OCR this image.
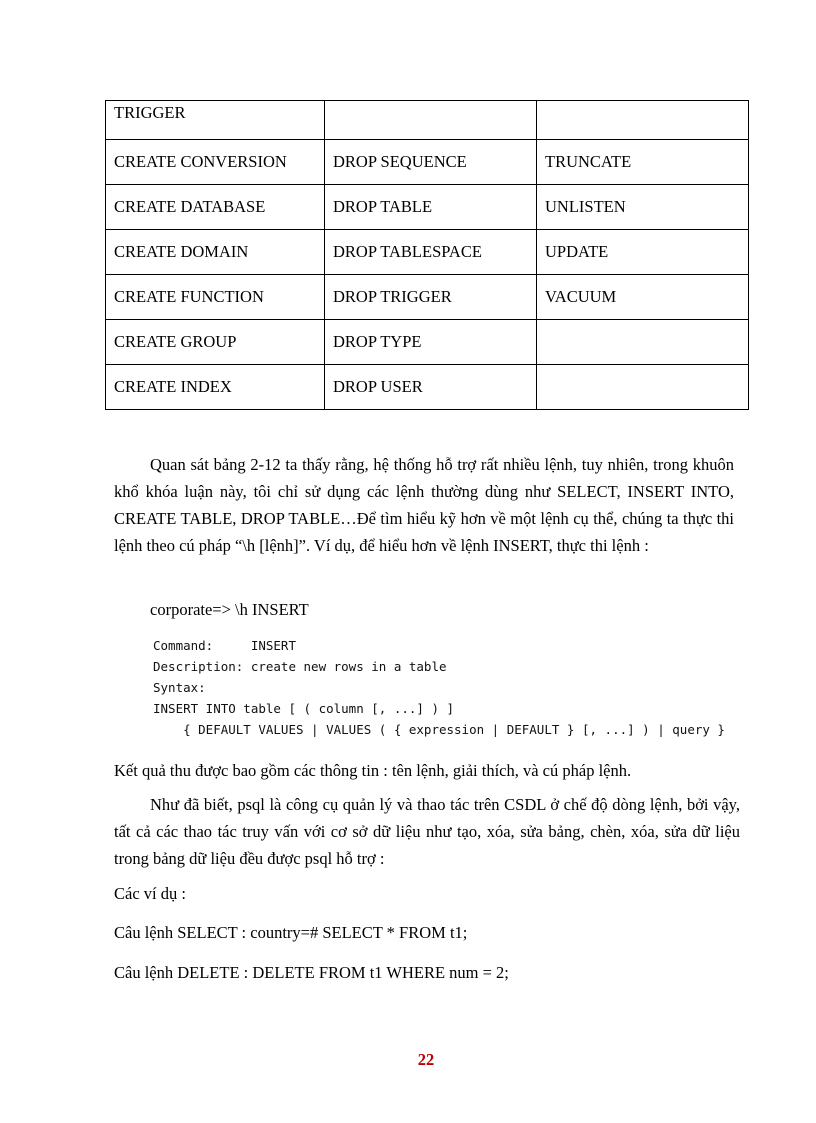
TRIGGER		
CREATE CONVERSION	DROP SEQUENCE	TRUNCATE
CREATE DATABASE	DROP TABLE	UNLISTEN
CREATE DOMAIN	DROP TABLESPACE	UPDATE
CREATE FUNCTION	DROP TRIGGER	VACUUM
CREATE GROUP	DROP TYPE	
CREATE INDEX	DROP USER	

Quan sát bảng 2-12 ta thấy rằng, hệ thống hỗ trợ rất nhiều lệnh, tuy nhiên, trong khuôn khổ khóa luận này, tôi chỉ sử dụng các lệnh thường dùng như SELECT, INSERT INTO, CREATE TABLE, DROP TABLE…Để tìm hiểu kỹ hơn về một lệnh cụ thể, chúng ta thực thi lệnh theo cú pháp “\h [lệnh]”. Ví dụ, để hiểu hơn về lệnh INSERT, thực thi lệnh :

corporate=> \h INSERT

Command:     INSERT
Description: create new rows in a table
Syntax:
INSERT INTO table [ ( column [, ...] ) ]
{ DEFAULT VALUES | VALUES ( { expression | DEFAULT } [, ...] ) | query }

Kết quả thu được bao gồm các thông tin : tên lệnh, giải thích, và cú pháp lệnh.

Như đã biết, psql là công cụ quản lý và thao tác trên CSDL ở chế độ dòng lệnh, bởi vậy, tất cả các thao tác truy vấn với cơ sở dữ liệu như tạo, xóa, sửa bảng, chèn, xóa, sửa dữ liệu trong bảng dữ liệu đều được psql hỗ trợ :

Các ví dụ :

Câu lệnh SELECT : country=# SELECT * FROM t1;

Câu lệnh DELETE : DELETE FROM t1 WHERE num = 2;

22
